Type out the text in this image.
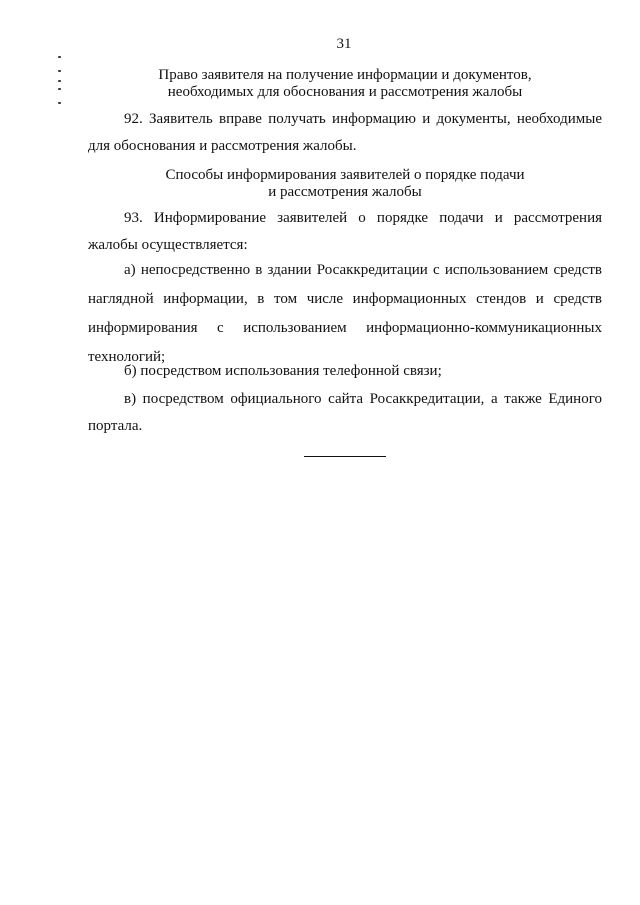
31
Право заявителя на получение информации и документов,
необходимых для обоснования и рассмотрения жалобы
92. Заявитель вправе получать информацию и документы, необходимые
для обоснования и рассмотрения жалобы.
Способы информирования заявителей о порядке подачи
и рассмотрения жалобы
93. Информирование заявителей о порядке подачи и рассмотрения
жалобы осуществляется:
а) непосредственно в здании Росаккредитации с использованием средств
наглядной информации, в том числе информационных стендов и средств
информирования с использованием информационно-коммуникационных
технологий;
б) посредством использования телефонной связи;
в) посредством официального сайта Росаккредитации, а также Единого
портала.
